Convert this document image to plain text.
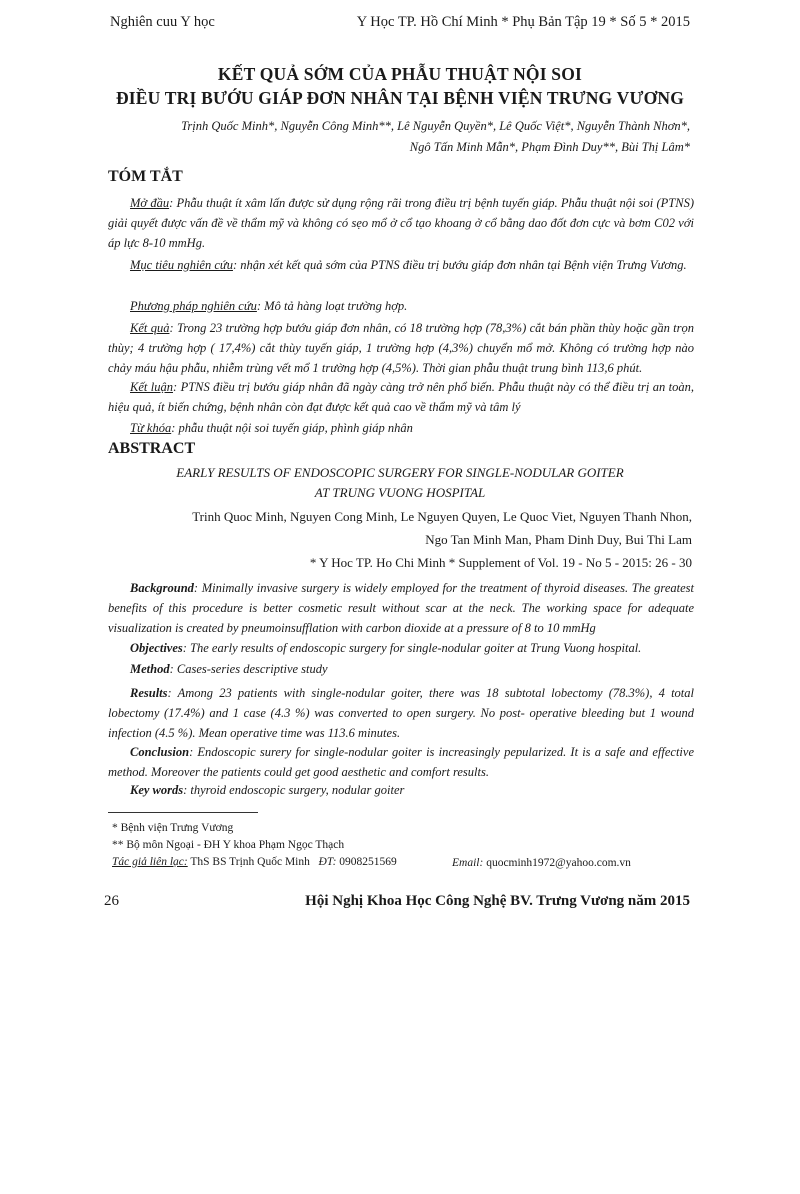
Nghiên cuu Y học	Y Học TP. Hồ Chí Minh * Phụ Bản Tập 19 * Số 5 * 2015
KẾT QUẢ SỚM CỦA PHẪU THUẬT NỘI SOI
ĐIỀU TRỊ BƯỚU GIÁP ĐƠN NHÂN TẠI BỆNH VIỆN TRƯNG VƯƠNG
Trịnh Quốc Minh*, Nguyễn Công Minh**, Lê Nguyễn Quyền*, Lê Quốc Việt*, Nguyễn Thành Nhơn*,
Ngô Tấn Minh Mẫn*, Phạm Đình Duy**, Bùi Thị Lâm*
TÓM TẮT

Mở đầu: Phẫu thuật ít xâm lấn được sử dụng rộng rãi trong điều trị bệnh tuyến giáp. Phẫu thuật nội soi (PTNS) giải quyết được vấn đề về thẩm mỹ và không có sẹo mổ ở cổ tạo khoang ở cổ bằng dao đốt đơn cực và bơm C02 với áp lực 8-10 mmHg.

Mục tiêu nghiên cứu: nhận xét kết quả sớm của PTNS điều trị bướu giáp đơn nhân tại Bệnh viện Trưng Vương.

Phương pháp nghiên cứu: Mô tả hàng loạt trường hợp.

Kết quả: Trong 23 trường hợp bướu giáp đơn nhân, có 18 trường hợp (78,3%) cắt bán phần thùy hoặc gần trọn thùy; 4 trường hợp ( 17,4%) cắt thùy tuyến giáp, 1 trường hợp (4,3%) chuyển mổ mở. Không có trường hợp nào chảy máu hậu phẫu, nhiễm trùng vết mổ 1 trường hợp (4,5%). Thời gian phẫu thuật trung bình 113,6 phút.

Kết luận: PTNS điều trị bướu giáp nhân đã ngày càng trở nên phổ biến. Phẫu thuật này có thể điều trị an toàn, hiệu quả, ít biến chứng, bệnh nhân còn đạt được kết quả cao về thẩm mỹ và tâm lý

Từ khóa: phẫu thuật nội soi tuyến giáp, phình giáp nhân

ABSTRACT
EARLY RESULTS OF ENDOSCOPIC SURGERY FOR SINGLE-NODULAR GOITER
AT TRUNG VUONG HOSPITAL
Trinh Quoc Minh, Nguyen Cong Minh, Le Nguyen Quyen, Le Quoc Viet, Nguyen Thanh Nhon,
Ngo Tan Minh Man, Pham Dinh Duy, Bui Thi Lam
* Y Hoc TP. Ho Chi Minh * Supplement of Vol. 19 - No 5 - 2015: 26 - 30

Background: Minimally invasive surgery is widely employed for the treatment of thyroid diseases. The greatest benefits of this procedure is better cosmetic result without scar at the neck. The working space for adequate visualization is created by pneumoinsufflation with carbon dioxide at a pressure of 8 to 10 mmHg

Objectives: The early results of endoscopic surgery for single-nodular goiter at Trung Vuong hospital.

Method: Cases-series descriptive study

Results: Among 23 patients with single-nodular goiter, there was 18 subtotal lobectomy (78.3%), 4 total lobectomy (17.4%) and 1 case (4.3 %) was converted to open surgery. No post- operative bleeding but 1 wound infection (4.5 %). Mean operative time was 113.6 minutes.

Conclusion: Endoscopic surery for single-nodular goiter is increasingly pepularized. It is a safe and effective method. Moreover the patients could get good aesthetic and comfort results.

Key words: thyroid endoscopic surgery, nodular goiter

* Bệnh viện Trưng Vương
** Bộ môn Ngoại - ĐH Y khoa Phạm Ngọc Thạch
Tác giả liên lạc: ThS BS Trịnh Quốc Minh ĐT: 0908251569	Email: quocminh1972@yahoo.com.vn
26	Hội Nghị Khoa Học Công Nghệ BV. Trưng Vương năm 2015
